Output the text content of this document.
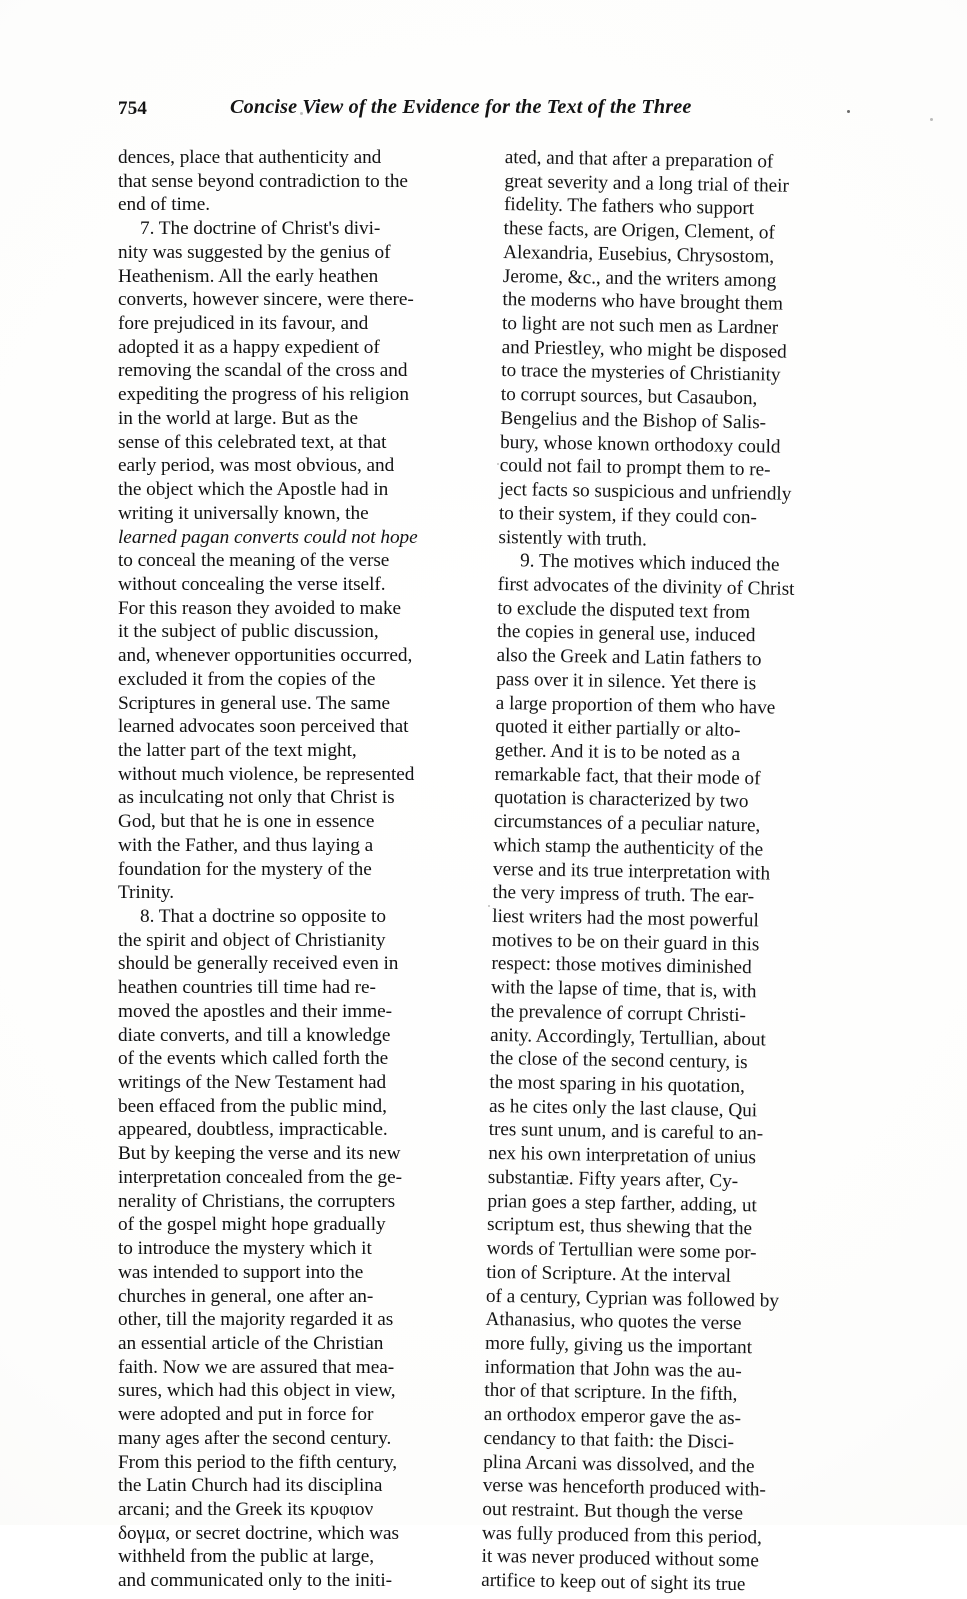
754	Concise View of the Evidence for the Text of the Three
dences, place that authenticity and
that sense beyond contradiction to the
end of time.
7. The doctrine of Christ's divi-
nity was suggested by the genius of
Heathenism. All the early heathen
converts, however sincere, were there-
fore prejudiced in its favour, and
adopted it as a happy expedient of
removing the scandal of the cross and
expediting the progress of his religion
in the world at large. But as the
sense of this celebrated text, at that
early period, was most obvious, and
the object which the Apostle had in
writing it universally known, the
learned pagan converts could not hope
to conceal the meaning of the verse
without concealing the verse itself.
For this reason they avoided to make
it the subject of public discussion,
and, whenever opportunities occurred,
excluded it from the copies of the
Scriptures in general use. The same
learned advocates soon perceived that
the latter part of the text might,
without much violence, be represented
as inculcating not only that Christ is
God, but that he is one in essence
with the Father, and thus laying a
foundation for the mystery of the
Trinity.
8. That a doctrine so opposite to
the spirit and object of Christianity
should be generally received even in
heathen countries till time had re-
moved the apostles and their imme-
diate converts, and till a knowledge
of the events which called forth the
writings of the New Testament had
been effaced from the public mind,
appeared, doubtless, impracticable.
But by keeping the verse and its new
interpretation concealed from the ge-
nerality of Christians, the corrupters
of the gospel might hope gradually
to introduce the mystery which it
was intended to support into the
churches in general, one after an-
other, till the majority regarded it as
an essential article of the Christian
faith. Now we are assured that mea-
sures, which had this object in view,
were adopted and put in force for
many ages after the second century.
From this period to the fifth century,
the Latin Church had its disciplina
arcani; and the Greek its κρυφιον
δογμα, or secret doctrine, which was
withheld from the public at large,
and communicated only to the initi-
ated, and that after a preparation of
great severity and a long trial of their
fidelity. The fathers who support
these facts, are Origen, Clement, of
Alexandria, Eusebius, Chrysostom,
Jerome, &c., and the writers among
the moderns who have brought them
to light are not such men as Lardner
and Priestley, who might be disposed
to trace the mysteries of Christianity
to corrupt sources, but Casaubon,
Bengelius and the Bishop of Salis-
bury, whose known orthodoxy could
could not fail to prompt them to re-
ject facts so suspicious and unfriendly
to their system, if they could con-
sistently with truth.
9. The motives which induced the
first advocates of the divinity of Christ
to exclude the disputed text from
the copies in general use, induced
also the Greek and Latin fathers to
pass over it in silence. Yet there is
a large proportion of them who have
quoted it either partially or alto-
gether. And it is to be noted as a
remarkable fact, that their mode of
quotation is characterized by two
circumstances of a peculiar nature,
which stamp the authenticity of the
verse and its true interpretation with
the very impress of truth. The ear-
liest writers had the most powerful
motives to be on their guard in this
respect: those motives diminished
with the lapse of time, that is, with
the prevalence of corrupt Christi-
anity. Accordingly, Tertullian, about
the close of the second century, is
the most sparing in his quotation,
as he cites only the last clause, Qui
tres sunt unum, and is careful to an-
nex his own interpretation of unius
substantiæ. Fifty years after, Cy-
prian goes a step farther, adding, ut
scriptum est, thus shewing that the
words of Tertullian were some por-
tion of Scripture. At the interval
of a century, Cyprian was followed by
Athanasius, who quotes the verse
more fully, giving us the important
information that John was the au-
thor of that scripture. In the fifth,
an orthodox emperor gave the as-
cendancy to that faith: the Disci-
plina Arcani was dissolved, and the
verse was henceforth produced with-
out restraint. But though the verse
was fully produced from this period,
it was never produced without some
artifice to keep out of sight its true
